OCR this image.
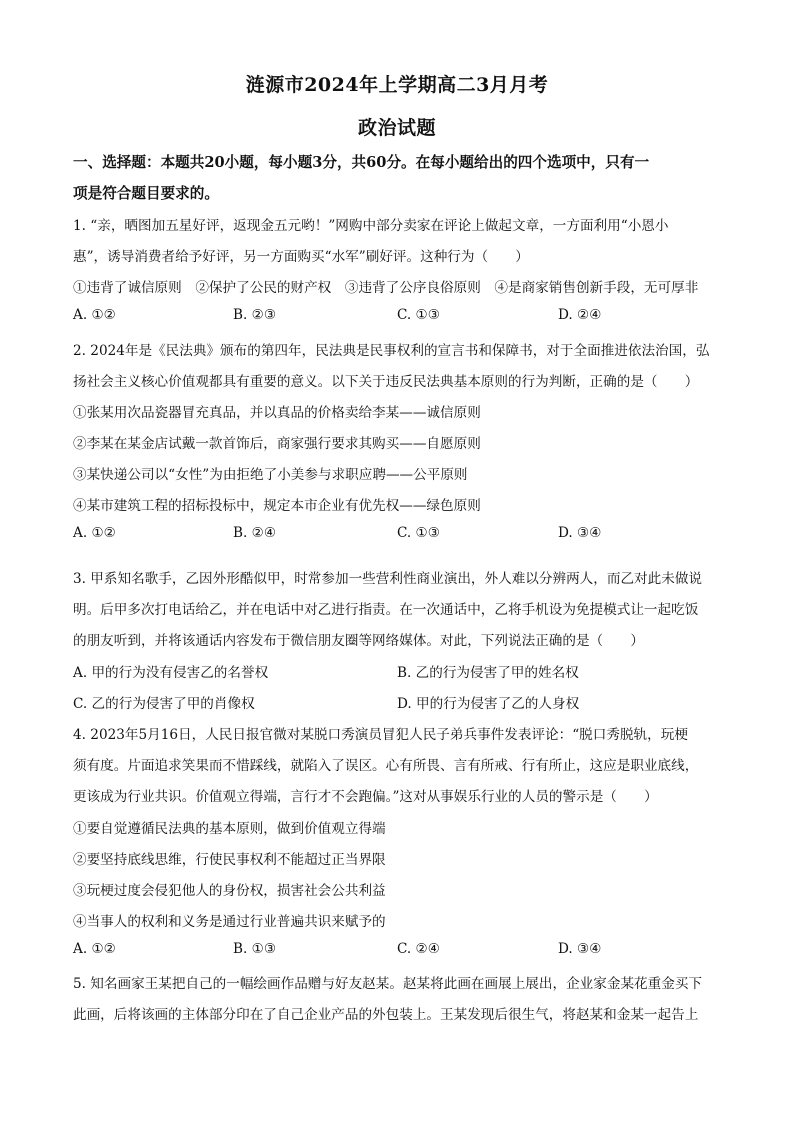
涟源市2024年上学期高二3月月考
政治试题
一、选择题：本题共20小题，每小题3分，共60分。在每小题给出的四个选项中，只有一
项是符合题目要求的。
1. “亲，晒图加五星好评，返现金五元哟！”网购中部分卖家在评论上做起文章，一方面利用“小恩小
惠”，诱导消费者给予好评，另一方面购买“水军”刷好评。这种行为（　　）
①违背了诚信原则　②保护了公民的财产权　③违背了公序良俗原则　④是商家销售创新手段，无可厚非
A. ①②	B. ②③	C. ①③	D. ②④
2. 2024年是《民法典》颁布的第四年，民法典是民事权利的宣言书和保障书，对于全面推进依法治国，弘
扬社会主义核心价值观都具有重要的意义。以下关于违反民法典基本原则的行为判断，正确的是（　　）
①张某用次品瓷器冒充真品，并以真品的价格卖给李某——诚信原则
②李某在某金店试戴一款首饰后，商家强行要求其购买——自愿原则
③某快递公司以“女性”为由拒绝了小美参与求职应聘——公平原则
④某市建筑工程的招标投标中，规定本市企业有优先权——绿色原则
A. ①②	B. ②④	C. ①③	D. ③④
3. 甲系知名歌手，乙因外形酷似甲，时常参加一些营利性商业演出，外人难以分辨两人，而乙对此未做说
明。后甲多次打电话给乙，并在电话中对乙进行指责。在一次通话中，乙将手机设为免提模式让一起吃饭
的朋友听到，并将该通话内容发布于微信朋友圈等网络媒体。对此，下列说法正确的是（　　）
A. 甲的行为没有侵害乙的名誉权	B. 乙的行为侵害了甲的姓名权
C. 乙的行为侵害了甲的肖像权	D. 甲的行为侵害了乙的人身权
4. 2023年5月16日，人民日报官微对某脱口秀演员冒犯人民子弟兵事件发表评论：“脱口秀脱轨，玩梗
须有度。片面追求笑果而不惜踩线，就陷入了误区。心有所畏、言有所戒、行有所止，这应是职业底线，
更该成为行业共识。价值观立得端，言行才不会跑偏。”这对从事娱乐行业的人员的警示是（　　）
①要自觉遵循民法典的基本原则，做到价值观立得端
②要坚持底线思维，行使民事权利不能超过正当界限
③玩梗过度会侵犯他人的身份权，损害社会公共利益
④当事人的权利和义务是通过行业普遍共识来赋予的
A. ①②	B. ①③	C. ②④	D. ③④
5. 知名画家王某把自己的一幅绘画作品赠与好友赵某。赵某将此画在画展上展出，企业家金某花重金买下
此画，后将该画的主体部分印在了自己企业产品的外包装上。王某发现后很生气，将赵某和金某一起告上
